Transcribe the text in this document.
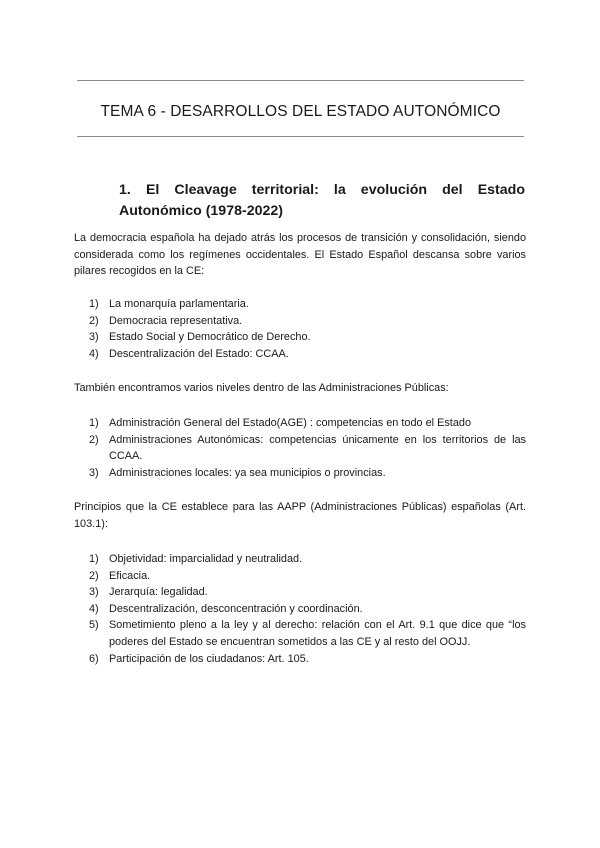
TEMA 6 - DESARROLLOS DEL ESTADO AUTONÓMICO
1. El Cleavage territorial: la evolución del Estado Autonómico (1978-2022)
La democracia española ha dejado atrás los procesos de transición y consolidación, siendo considerada como los regímenes occidentales. El Estado Español descansa sobre varios pilares recogidos en la CE:
1) La monarquía parlamentaria.
2) Democracia representativa.
3) Estado Social y Democrático de Derecho.
4) Descentralización del Estado: CCAA.
También encontramos varios niveles dentro de las Administraciones Públicas:
1) Administración General del Estado(AGE) : competencias en todo el Estado
2) Administraciones Autonómicas: competencias únicamente en los territorios de las CCAA.
3) Administraciones locales: ya sea municipios o provincias.
Principios que la CE establece para las AAPP (Administraciones Públicas) españolas (Art. 103.1):
1) Objetividad: imparcialidad y neutralidad.
2) Eficacia.
3) Jerarquía: legalidad.
4) Descentralización, desconcentración y coordinación.
5) Sometimiento pleno a la ley y al derecho: relación con el Art. 9.1 que dice que “los poderes del Estado se encuentran sometidos a las CE y al resto del OOJJ.
6) Participación de los ciudadanos: Art. 105.
